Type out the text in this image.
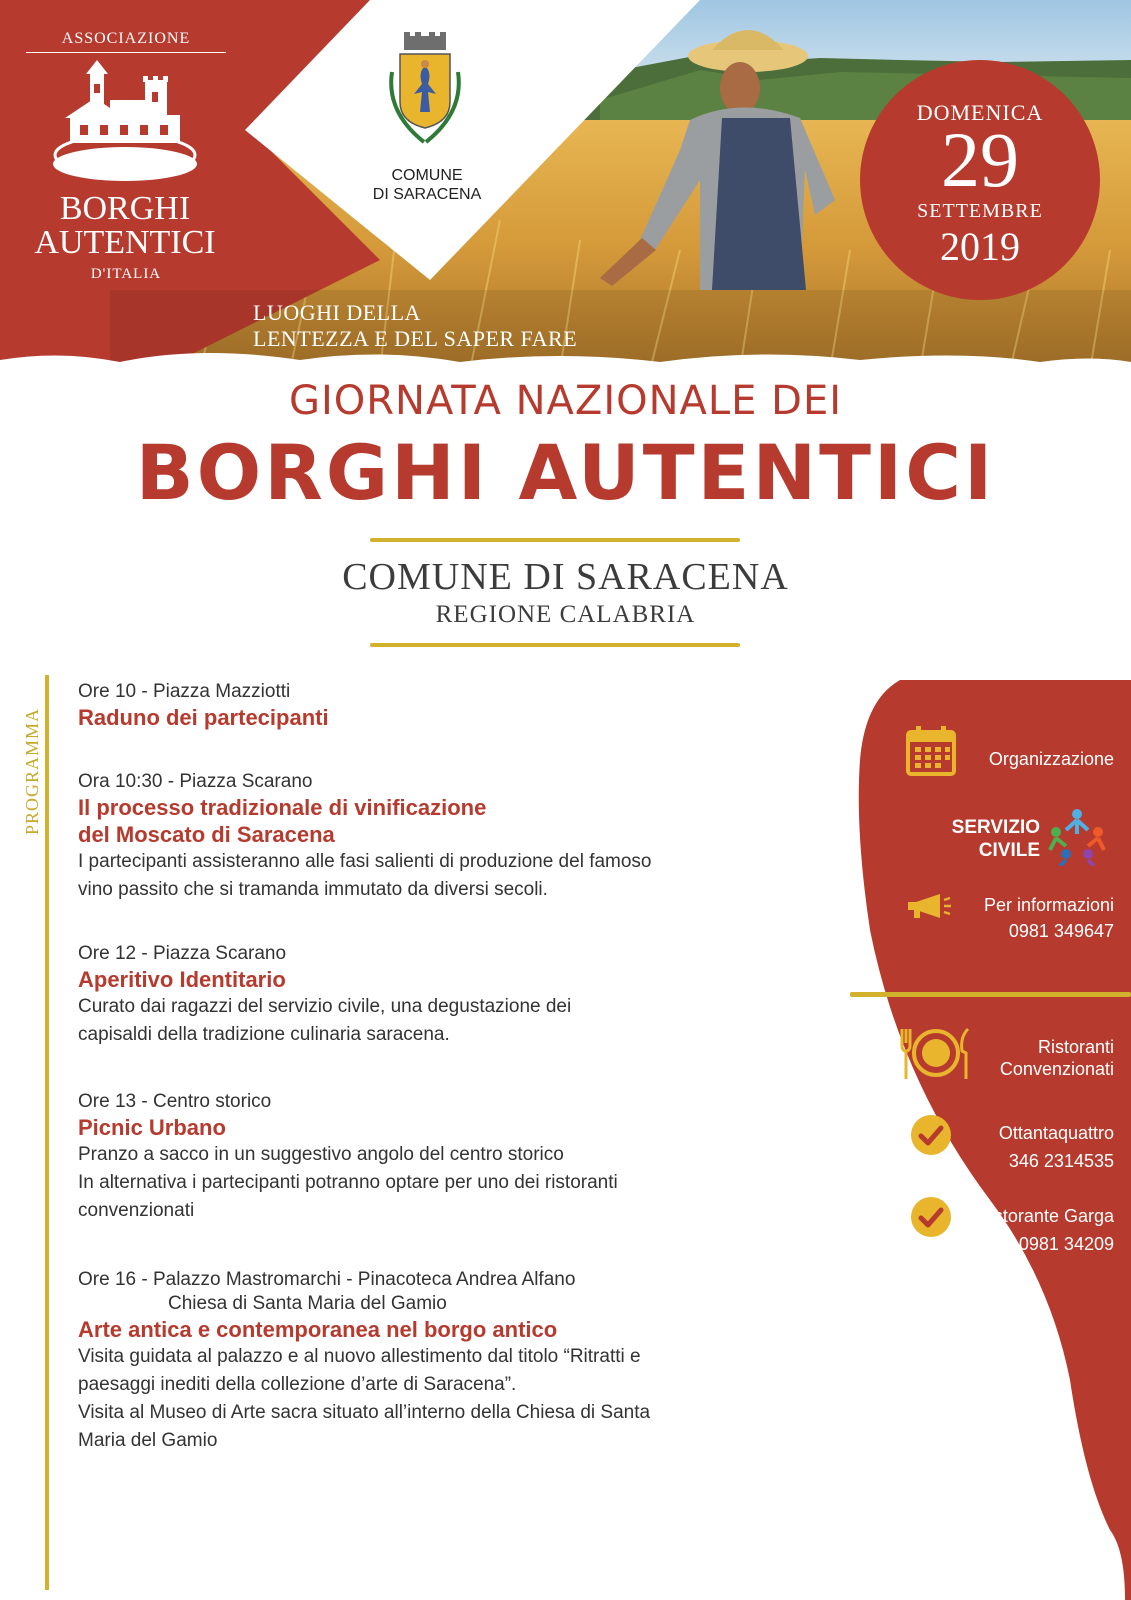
ASSOCIAZIONE
BORGHI
AUTENTICI
D'ITALIA
COMUNE
DI SARACENA
LUOGHI DELLA
LENTEZZA E DEL SAPER FARE
DOMENICA
29
SETTEMBRE
2019
GIORNATA NAZIONALE DEI
BORGHI AUTENTICI
COMUNE DI SARACENA
REGIONE CALABRIA
PROGRAMMA
Ore 10 - Piazza Mazziotti
Raduno dei partecipanti
Ora 10:30 - Piazza Scarano
Il processo tradizionale di vinificazione
del Moscato di Saracena

I partecipanti assisteranno alle fasi salienti di produzione del famoso

vino passito che si tramanda immutato da diversi secoli.

Ore 12 - Piazza Scarano
Aperitivo Identitario

Curato dai ragazzi del servizio civile, una degustazione dei

capisaldi della tradizione culinaria saracena.

Ore 13 - Centro storico
Picnic Urbano

Pranzo a sacco in un suggestivo angolo del centro storico

In alternativa i partecipanti potranno optare per uno dei ristoranti

convenzionati

Ore 16 - Palazzo Mastromarchi - Pinacoteca Andrea Alfano
Chiesa di Santa Maria del Gamio
Arte antica e contemporanea nel borgo antico

Visita guidata al palazzo e al nuovo allestimento dal titolo “Ritratti e

paesaggi inediti della collezione d’arte di Saracena”.

Visita al Museo di Arte sacra situato all’interno della Chiesa di Santa

Maria del Gamio

Organizzazione
SERVIZIO
CIVILE
Per informazioni
0981 349647
Ristoranti
Convenzionati
Ottantaquattro
346 2314535
Ristorante Garga
0981 34209
